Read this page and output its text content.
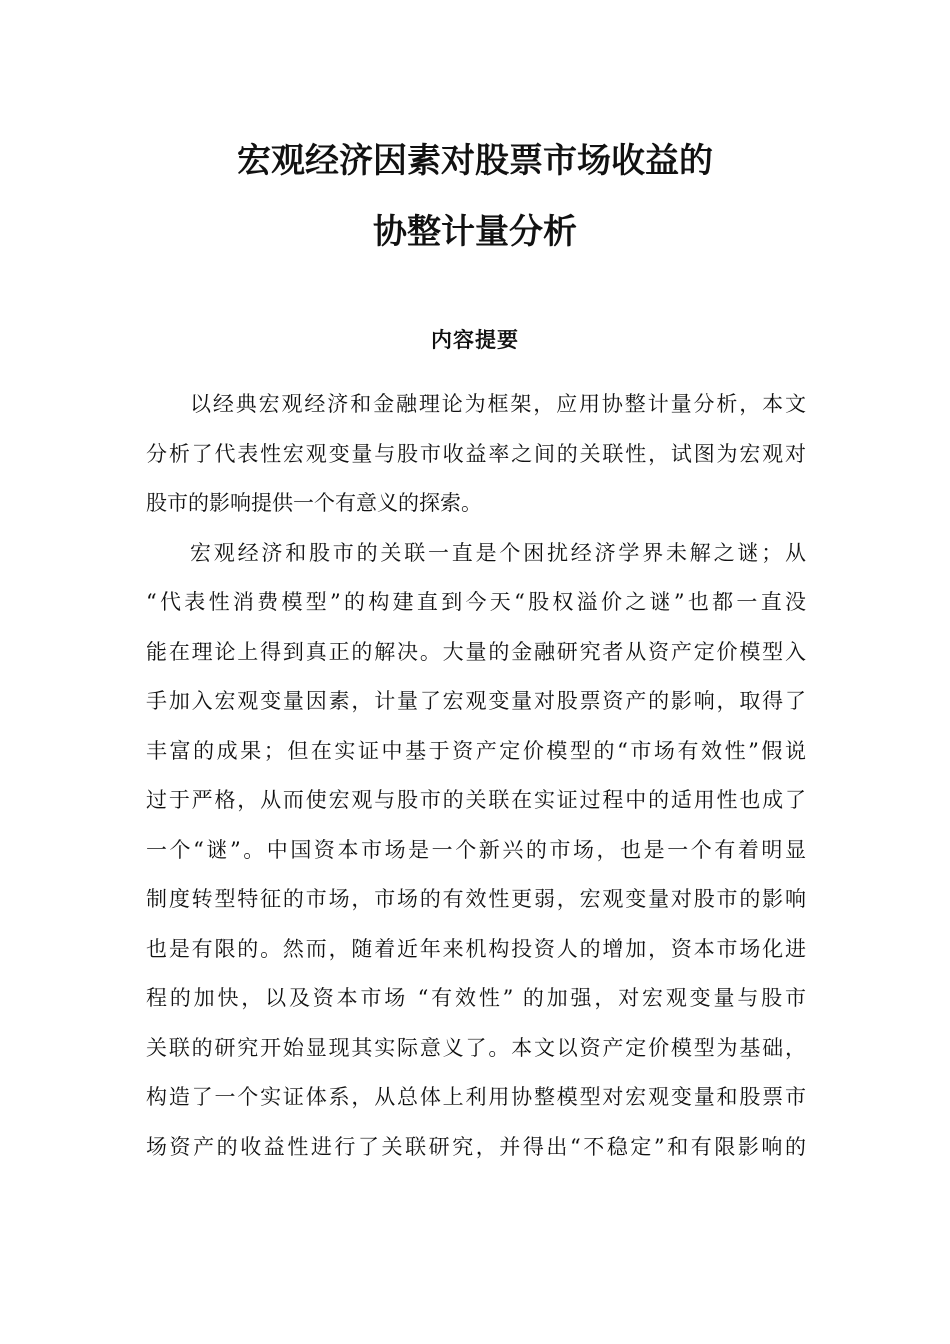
宏观经济因素对股票市场收益的
协整计量分析
内容提要
以经典宏观经济和金融理论为框架，应用协整计量分析，本文
分析了代表性宏观变量与股市收益率之间的关联性，试图为宏观对
股市的影响提供一个有意义的探索。
宏观经济和股市的关联一直是个困扰经济学界未解之谜；从
“代表性消费模型”的构建直到今天“股权溢价之谜”也都一直没
能在理论上得到真正的解决。大量的金融研究者从资产定价模型入
手加入宏观变量因素，计量了宏观变量对股票资产的影响，取得了
丰富的成果；但在实证中基于资产定价模型的“市场有效性”假说
过于严格，从而使宏观与股市的关联在实证过程中的适用性也成了
一个“谜”。中国资本市场是一个新兴的市场，也是一个有着明显
制度转型特征的市场，市场的有效性更弱，宏观变量对股市的影响
也是有限的。然而，随着近年来机构投资人的增加，资本市场化进
程的加快，以及资本市场 “有效性” 的加强，对宏观变量与股市
关联的研究开始显现其实际意义了。本文以资产定价模型为基础，
构造了一个实证体系，从总体上利用协整模型对宏观变量和股票市
场资产的收益性进行了关联研究，并得出“不稳定”和有限影响的
